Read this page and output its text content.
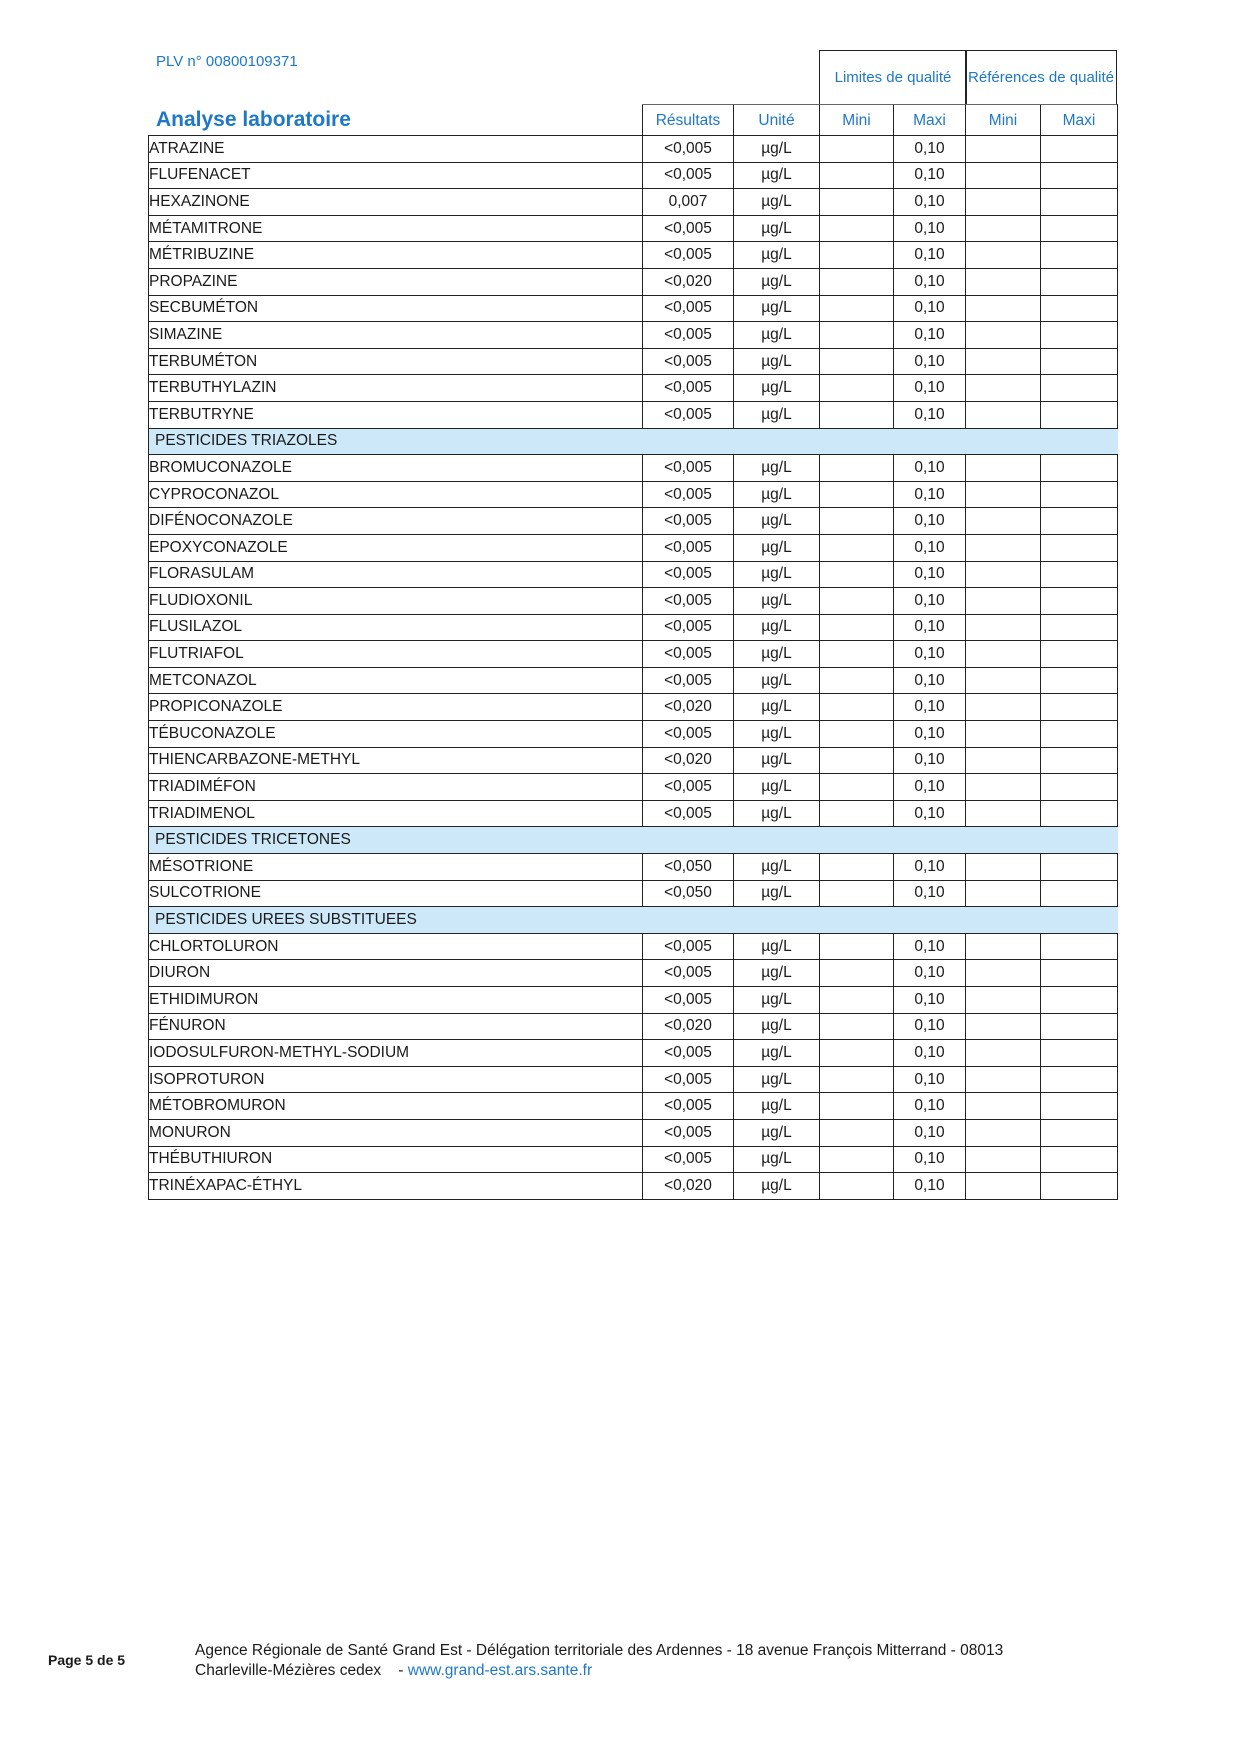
PLV n° 00800109371
Analyse laboratoire
Limites de qualité Références de qualité
Résultats	Unité	Mini	Maxi	Mini	Maxi
ATRAZINE	<0,005	µg/L		0,10		
FLUFENACET	<0,005	µg/L		0,10		
HEXAZINONE	0,007	µg/L		0,10		
MÉTAMITRONE	<0,005	µg/L		0,10		
MÉTRIBUZINE	<0,005	µg/L		0,10		
PROPAZINE	<0,020	µg/L		0,10		
SECBUMÉTON	<0,005	µg/L		0,10		
SIMAZINE	<0,005	µg/L		0,10		
TERBUMÉTON	<0,005	µg/L		0,10		
TERBUTHYLAZIN	<0,005	µg/L		0,10		
TERBUTRYNE	<0,005	µg/L		0,10		
PESTICIDES TRIAZOLES						
BROMUCONAZOLE	<0,005	µg/L		0,10		
CYPROCONAZOL	<0,005	µg/L		0,10		
DIFÉNOCONAZOLE	<0,005	µg/L		0,10		
EPOXYCONAZOLE	<0,005	µg/L		0,10		
FLORASULAM	<0,005	µg/L		0,10		
FLUDIOXONIL	<0,005	µg/L		0,10		
FLUSILAZOL	<0,005	µg/L		0,10		
FLUTRIAFOL	<0,005	µg/L		0,10		
METCONAZOL	<0,005	µg/L		0,10		
PROPICONAZOLE	<0,020	µg/L		0,10		
TÉBUCONAZOLE	<0,005	µg/L		0,10		
THIENCARBAZONE-METHYL	<0,020	µg/L		0,10		
TRIADIMÉFON	<0,005	µg/L		0,10		
TRIADIMENOL	<0,005	µg/L		0,10		
PESTICIDES TRICETONES						
MÉSOTRIONE	<0,050	µg/L		0,10		
SULCOTRIONE	<0,050	µg/L		0,10		
PESTICIDES UREES SUBSTITUEES						
CHLORTOLURON	<0,005	µg/L		0,10		
DIURON	<0,005	µg/L		0,10		
ETHIDIMURON	<0,005	µg/L		0,10		
FÉNURON	<0,020	µg/L		0,10		
IODOSULFURON-METHYL-SODIUM	<0,005	µg/L		0,10		
ISOPROTURON	<0,005	µg/L		0,10		
MÉTOBROMURON	<0,005	µg/L		0,10		
MONURON	<0,005	µg/L		0,10		
THÉBUTHIURON	<0,005	µg/L		0,10		
TRINÉXAPAC-ÉTHYL	<0,020	µg/L		0,10		
Page 5 de 5
Agence Régionale de Santé Grand Est - Délégation territoriale des Ardennes - 18 avenue François Mitterrand - 08013
Charleville-Mézières cedex    - www.grand-est.ars.sante.fr
